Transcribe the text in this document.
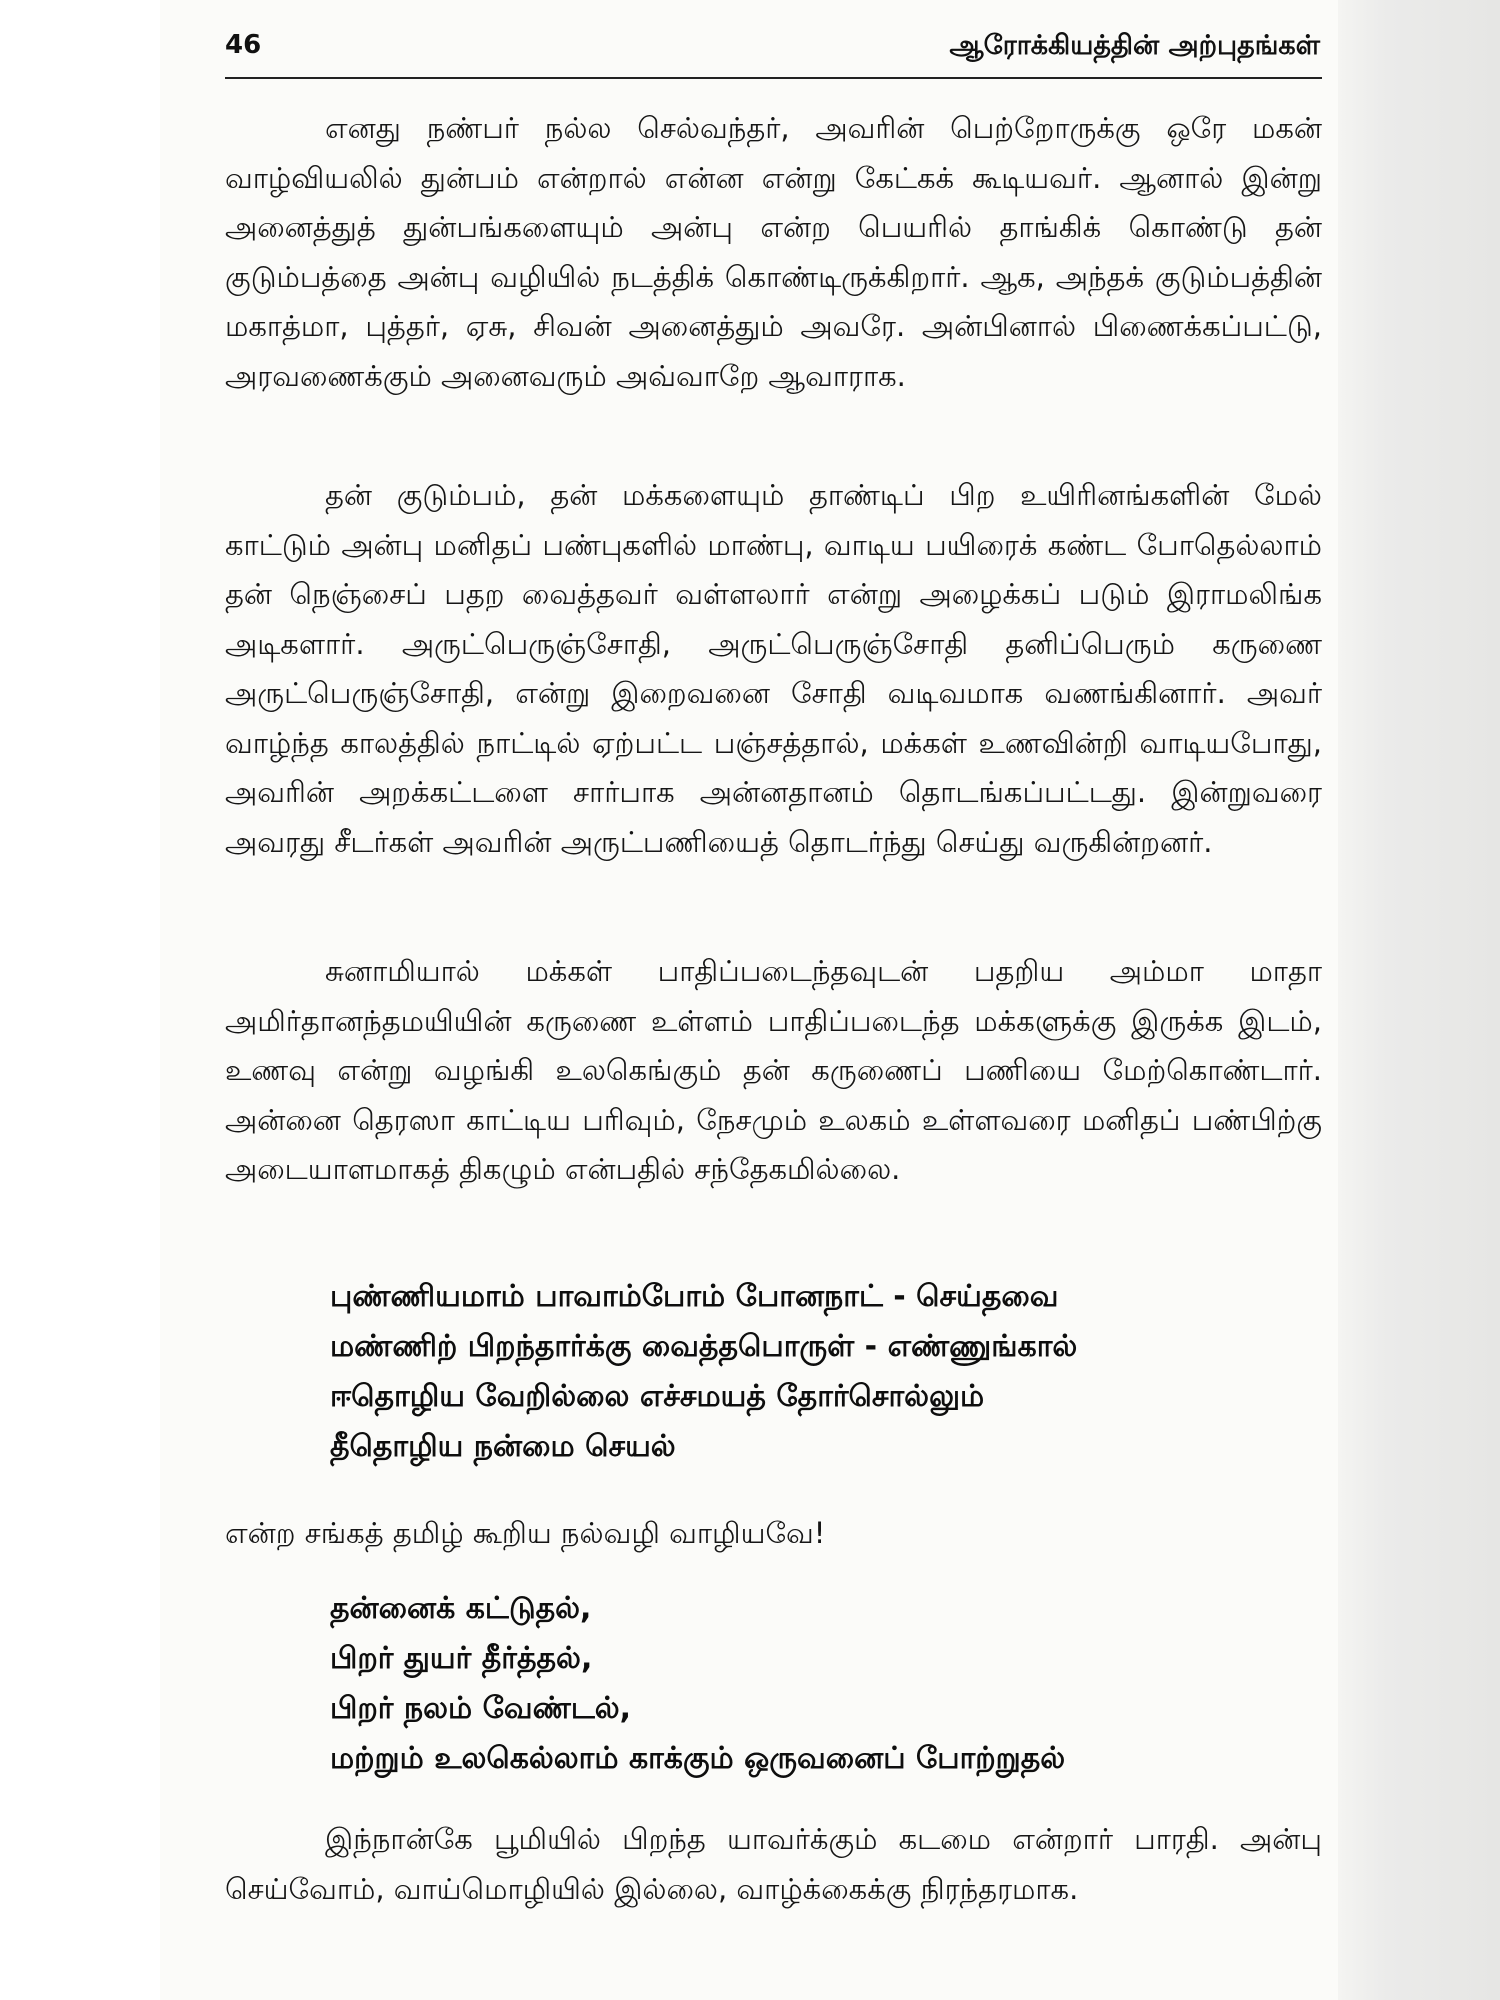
46	ஆரோக்கியத்தின் அற்புதங்கள்
எனது நண்பர் நல்ல செல்வந்தர், அவரின் பெற்றோருக்கு ஒரே மகன் வாழ்வியலில் துன்பம் என்றால் என்ன என்று கேட்கக் கூடியவர். ஆனால் இன்று அனைத்துத் துன்பங்களையும் அன்பு என்ற பெயரில் தாங்கிக் கொண்டு தன் குடும்பத்தை அன்பு வழியில் நடத்திக் கொண்டிருக்கிறார். ஆக, அந்தக் குடும்பத்தின் மகாத்மா, புத்தர், ஏசு, சிவன் அனைத்தும் அவரே. அன்பினால் பிணைக்கப்பட்டு, அரவணைக்கும் அனைவரும் அவ்வாறே ஆவாராக.
தன் குடும்பம், தன் மக்களையும் தாண்டிப் பிற உயிரினங்களின் மேல் காட்டும் அன்பு மனிதப் பண்புகளில் மாண்பு, வாடிய பயிரைக் கண்ட போதெல்லாம் தன் நெஞ்சைப் பதற வைத்தவர் வள்ளலார் என்று அழைக்கப் படும் இராமலிங்க அடிகளார். அருட்பெருஞ்சோதி, அருட்பெருஞ்சோதி தனிப்பெரும் கருணை அருட்பெருஞ்சோதி, என்று இறைவனை சோதி வடிவமாக வணங்கினார். அவர் வாழ்ந்த காலத்தில் நாட்டில் ஏற்பட்ட பஞ்சத்தால், மக்கள் உணவின்றி வாடியபோது, அவரின் அறக்கட்டளை சார்பாக அன்னதானம் தொடங்கப்பட்டது. இன்றுவரை அவரது சீடர்கள் அவரின் அருட்பணியைத் தொடர்ந்து செய்து வருகின்றனர்.
சுனாமியால் மக்கள் பாதிப்படைந்தவுடன் பதறிய அம்மா மாதா அமிர்தானந்தமயியின் கருணை உள்ளம் பாதிப்படைந்த மக்களுக்கு இருக்க இடம், உணவு என்று வழங்கி உலகெங்கும் தன் கருணைப் பணியை மேற்கொண்டார். அன்னை தெரஸா காட்டிய பரிவும், நேசமும் உலகம் உள்ளவரை மனிதப் பண்பிற்கு அடையாளமாகத் திகழும் என்பதில் சந்தேகமில்லை.
புண்ணியமாம் பாவாம்போம் போனநாட் - செய்தவை
மண்ணிற் பிறந்தார்க்கு வைத்தபொருள் - எண்ணுங்கால்
ஈதொழிய வேறில்லை எச்சமயத் தோர்சொல்லும்
தீதொழிய நன்மை செயல்
என்ற சங்கத் தமிழ் கூறிய நல்வழி வாழியவே!
தன்னைக் கட்டுதல்,
பிறர் துயர் தீர்த்தல்,
பிறர் நலம் வேண்டல்,
மற்றும் உலகெல்லாம் காக்கும் ஒருவனைப் போற்றுதல்
இந்நான்கே பூமியில் பிறந்த யாவர்க்கும் கடமை என்றார் பாரதி. அன்பு செய்வோம், வாய்மொழியில் இல்லை, வாழ்க்கைக்கு நிரந்தரமாக.
